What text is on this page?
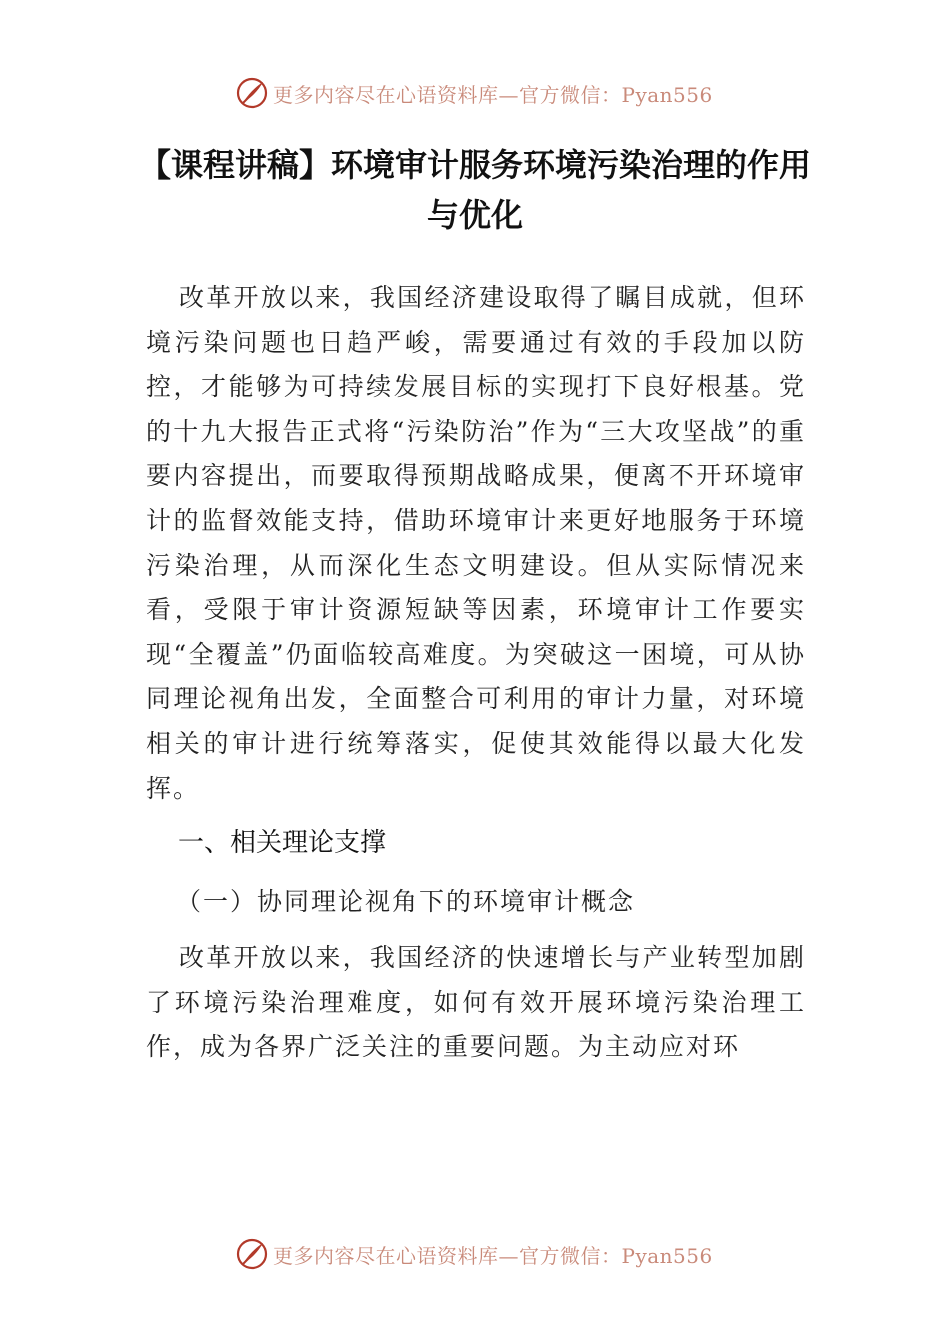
更多内容尽在心语资料库—官方微信：Pyan556
【课程讲稿】环境审计服务环境污染治理的作用与优化
改革开放以来，我国经济建设取得了瞩目成就，但环境污染问题也日趋严峻，需要通过有效的手段加以防控，才能够为可持续发展目标的实现打下良好根基。党的十九大报告正式将“污染防治”作为“三大攻坚战”的重要内容提出，而要取得预期战略成果，便离不开环境审计的监督效能支持，借助环境审计来更好地服务于环境污染治理，从而深化生态文明建设。但从实际情况来看，受限于审计资源短缺等因素，环境审计工作要实现“全覆盖”仍面临较高难度。为突破这一困境，可从协同理论视角出发，全面整合可利用的审计力量，对环境相关的审计进行统筹落实，促使其效能得以最大化发挥。
一、相关理论支撑
（一）协同理论视角下的环境审计概念
改革开放以来，我国经济的快速增长与产业转型加剧了环境污染治理难度，如何有效开展环境污染治理工作，成为各界广泛关注的重要问题。为主动应对环
更多内容尽在心语资料库—官方微信：Pyan556
